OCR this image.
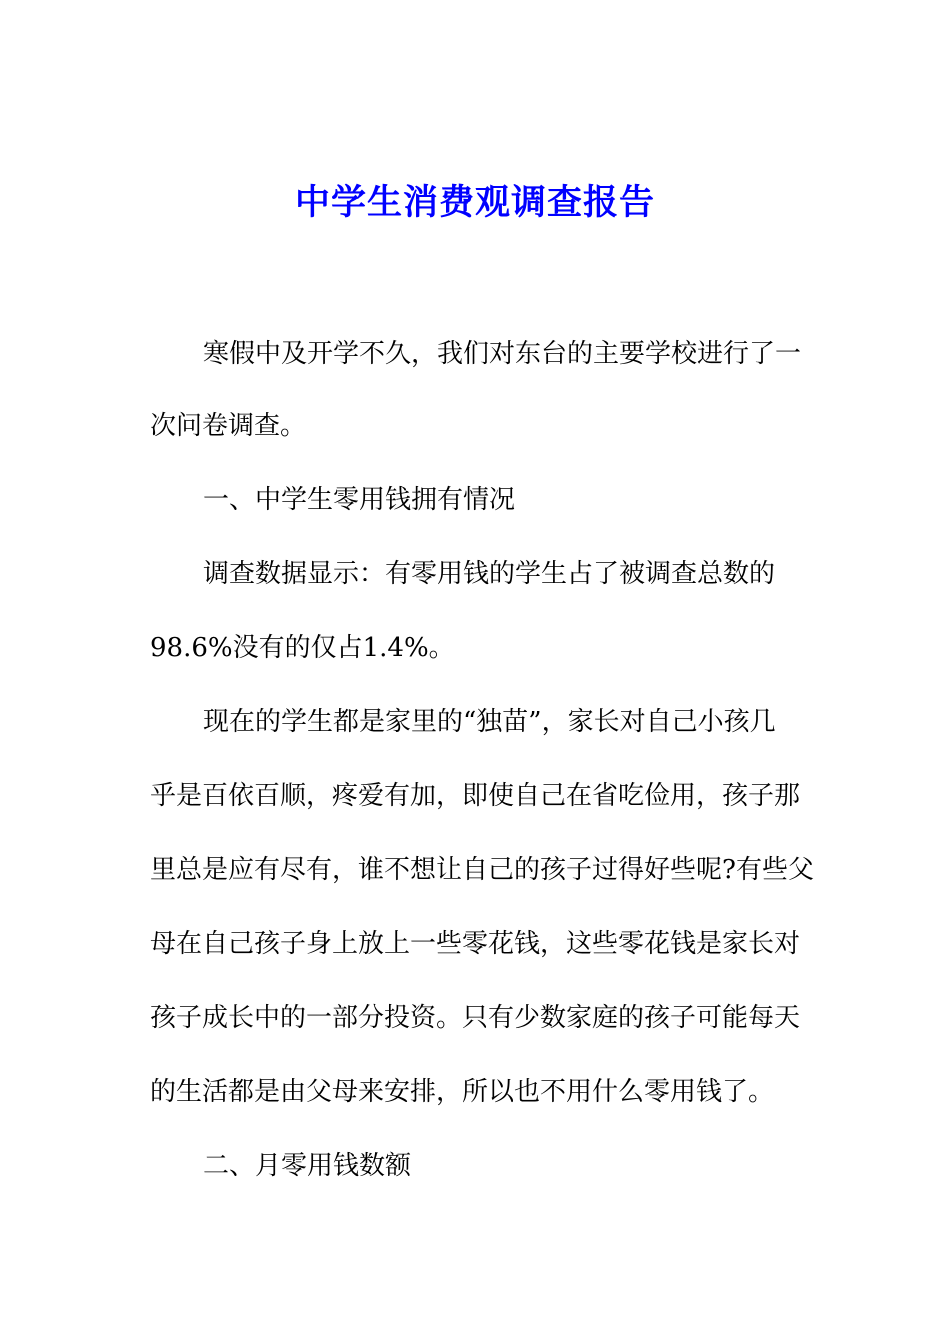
中学生消费观调查报告

寒假中及开学不久，我们对东台的主要学校进行了一

次问卷调查。

一、中学生零用钱拥有情况

调查数据显示：有零用钱的学生占了被调查总数的

98.6%没有的仅占1.4%。

现在的学生都是家里的“独苗”，家长对自己小孩几

乎是百依百顺，疼爱有加，即使自己在省吃俭用，孩子那

里总是应有尽有，谁不想让自己的孩子过得好些呢?有些父

母在自己孩子身上放上一些零花钱，这些零花钱是家长对

孩子成长中的一部分投资。只有少数家庭的孩子可能每天

的生活都是由父母来安排，所以也不用什么零用钱了。

二、月零用钱数额
